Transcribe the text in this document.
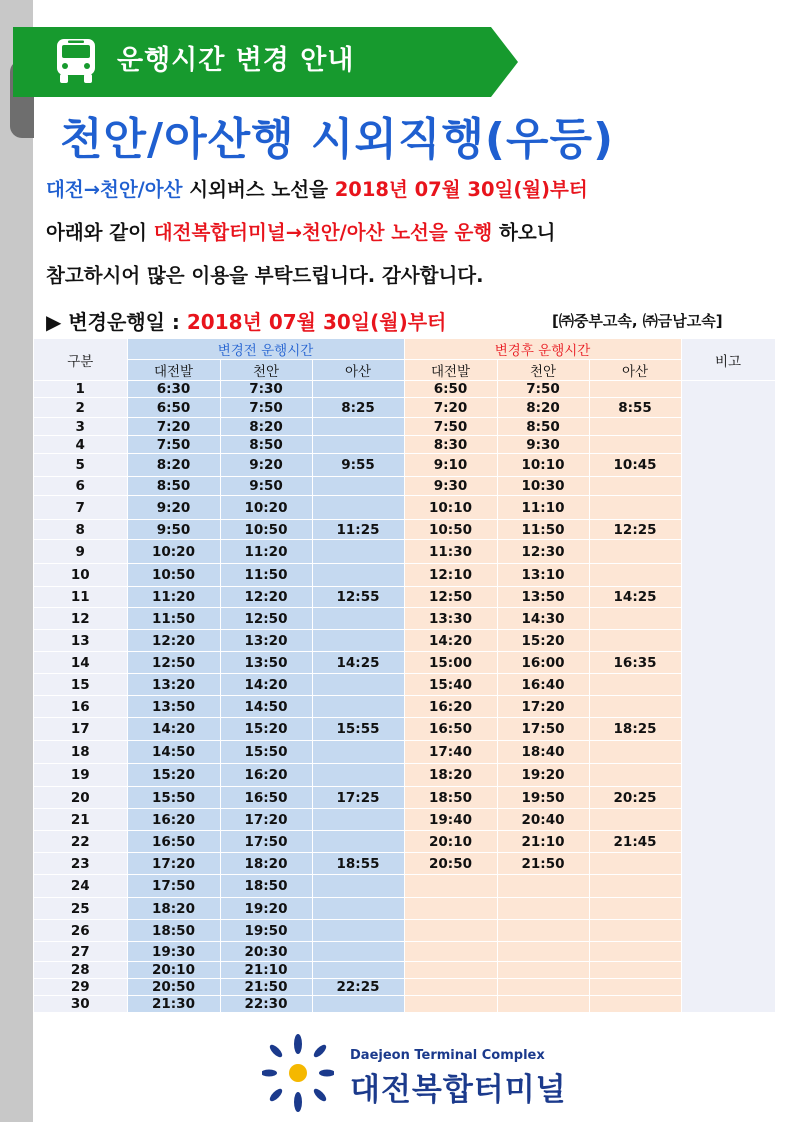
운행시간 변경 안내
천안/아산행 시외직행(우등)
대전→천안/아산 시외버스 노선을 2018년 07월 30일(월)부터
아래와 같이 대전복합터미널→천안/아산 노선을 운행 하오니
참고하시어 많은 이용을 부탁드립니다. 감사합니다.
▶ 변경운행일 : 2018년 07월 30일(월)부터	[㈜중부고속, ㈜금남고속]
구분	변경전 운행시간			변경후 운행시간			비고
	대전발	천안	아산	대전발	천안	아산	
1	6:30	7:30		6:50	7:50		
2	6:50	7:50	8:25	7:20	8:20	8:55	
3	7:20	8:20		7:50	8:50		
4	7:50	8:50		8:30	9:30		
5	8:20	9:20	9:55	9:10	10:10	10:45	
6	8:50	9:50		9:30	10:30		
7	9:20	10:20		10:10	11:10		
8	9:50	10:50	11:25	10:50	11:50	12:25	
9	10:20	11:20		11:30	12:30		
10	10:50	11:50		12:10	13:10		
11	11:20	12:20	12:55	12:50	13:50	14:25	
12	11:50	12:50		13:30	14:30		
13	12:20	13:20		14:20	15:20		
14	12:50	13:50	14:25	15:00	16:00	16:35	
15	13:20	14:20		15:40	16:40		
16	13:50	14:50		16:20	17:20		
17	14:20	15:20	15:55	16:50	17:50	18:25	
18	14:50	15:50		17:40	18:40		
19	15:20	16:20		18:20	19:20		
20	15:50	16:50	17:25	18:50	19:50	20:25	
21	16:20	17:20		19:40	20:40		
22	16:50	17:50		20:10	21:10	21:45	
23	17:20	18:20	18:55	20:50	21:50		
24	17:50	18:50					
25	18:20	19:20					
26	18:50	19:50					
27	19:30	20:30					
28	20:10	21:10					
29	20:50	21:50	22:25				
30	21:30	22:30					
Daejeon Terminal Complex
대전복합터미널
